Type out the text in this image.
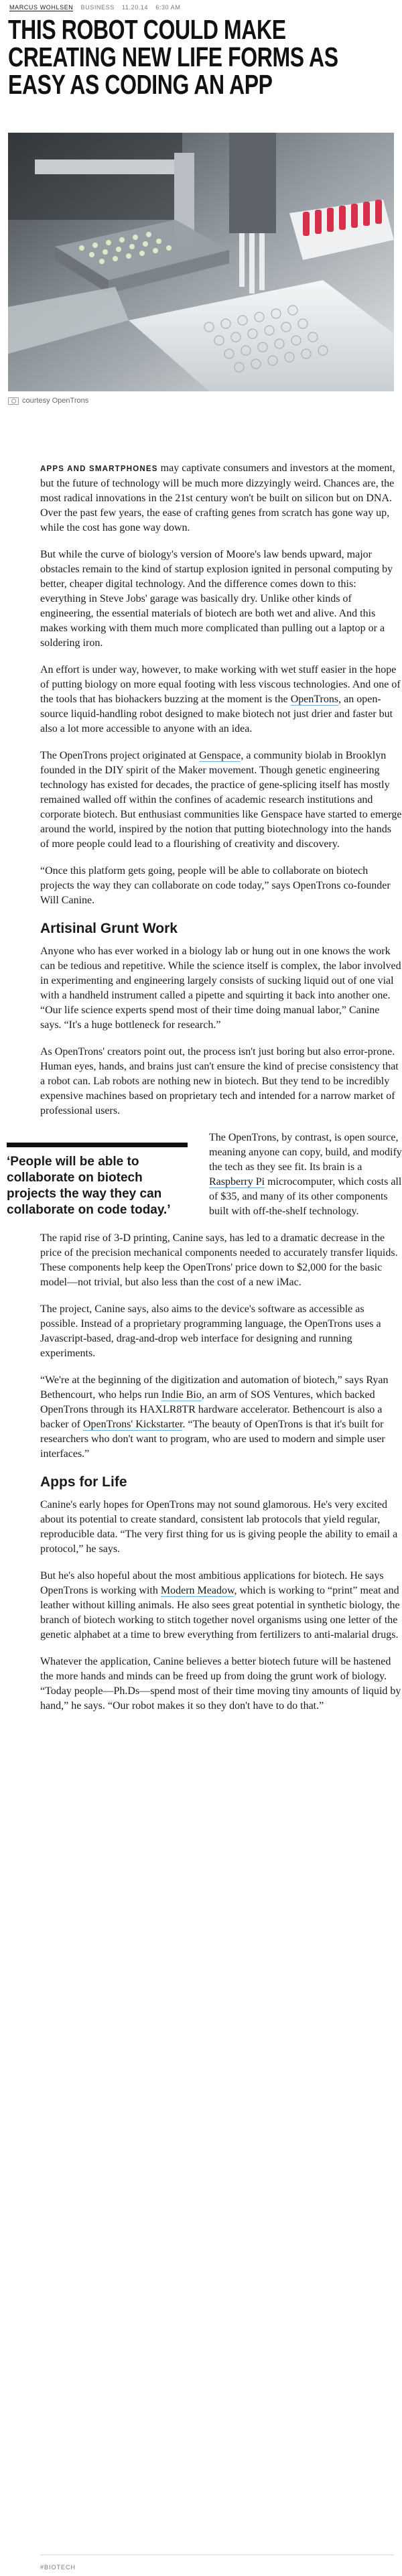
MARCUS WOHLSEN BUSINESS 11.20.14 6:30 AM
THIS ROBOT COULD MAKE CREATING NEW LIFE FORMS AS EASY AS CODING AN APP
courtesy OpenTrons

APPS AND SMARTPHONES may captivate consumers and investors at the moment, but the future of technology will be much more dizzyingly weird. Chances are, the most radical innovations in the 21st century won't be built on silicon but on DNA. Over the past few years, the ease of crafting genes from scratch has gone way up, while the cost has gone way down.

But while the curve of biology's version of Moore's law bends upward, major obstacles remain to the kind of startup explosion ignited in personal computing by better, cheaper digital technology. And the difference comes down to this: everything in Steve Jobs' garage was basically dry. Unlike other kinds of engineering, the essential materials of biotech are both wet and alive. And this makes working with them much more complicated than pulling out a laptop or a soldering iron.

An effort is under way, however, to make working with wet stuff easier in the hope of putting biology on more equal footing with less viscous technologies. And one of the tools that has biohackers buzzing at the moment is the OpenTrons, an open-source liquid-handling robot designed to make biotech not just drier and faster but also a lot more accessible to anyone with an idea.

The OpenTrons project originated at Genspace, a community biolab in Brooklyn founded in the DIY spirit of the Maker movement. Though genetic engineering technology has existed for decades, the practice of gene-splicing itself has mostly remained walled off within the confines of academic research institutions and corporate biotech. But enthusiast communities like Genspace have started to emerge around the world, inspired by the notion that putting biotechnology into the hands of more people could lead to a flourishing of creativity and discovery.

“Once this platform gets going, people will be able to collaborate on biotech projects the way they can collaborate on code today,” says OpenTrons co-founder Will Canine.

Artisinal Grunt Work

Anyone who has ever worked in a biology lab or hung out in one knows the work can be tedious and repetitive. While the science itself is complex, the labor involved in experimenting and engineering largely consists of sucking liquid out of one vial with a handheld instrument called a pipette and squirting it back into another one. “Our life science experts spend most of their time doing manual labor,” Canine says. “It's a huge bottleneck for research.”

As OpenTrons' creators point out, the process isn't just boring but also error-prone. Human eyes, hands, and brains just can't ensure the kind of precise consistency that a robot can. Lab robots are nothing new in biotech. But they tend to be incredibly expensive machines based on proprietary tech and intended for a narrow market of professional users.

‘People will be able to collaborate on biotech projects the way they can collaborate on code today.’

The OpenTrons, by contrast, is open source, meaning anyone can copy, build, and modify the tech as they see fit. Its brain is a Raspberry Pi microcomputer, which costs all of $35, and many of its other components built with off-the-shelf technology.

The rapid rise of 3-D printing, Canine says, has led to a dramatic decrease in the price of the precision mechanical components needed to accurately transfer liquids. These components help keep the OpenTrons' price down to $2,000 for the basic model—not trivial, but also less than the cost of a new iMac.

The project, Canine says, also aims to the device's software as accessible as possible. Instead of a proprietary programming language, the OpenTrons uses a Javascript-based, drag-and-drop web interface for designing and running experiments.

“We're at the beginning of the digitization and automation of biotech,” says Ryan Bethencourt, who helps run Indie Bio, an arm of SOS Ventures, which backed OpenTrons through its HAXLR8TR hardware accelerator. Bethencourt is also a backer of OpenTrons' Kickstarter. “The beauty of OpenTrons is that it's built for researchers who don't want to program, who are used to modern and simple user interfaces.”

Apps for Life

Canine's early hopes for OpenTrons may not sound glamorous. He's very excited about its potential to create standard, consistent lab protocols that yield regular, reproducible data. “The very first thing for us is giving people the ability to email a protocol,” he says.

But he's also hopeful about the most ambitious applications for biotech. He says OpenTrons is working with Modern Meadow, which is working to “print” meat and leather without killing animals. He also sees great potential in synthetic biology, the branch of biotech working to stitch together novel organisms using one letter of the genetic alphabet at a time to brew everything from fertilizers to anti-malarial drugs.

Whatever the application, Canine believes a better biotech future will be hastened the more hands and minds can be freed up from doing the grunt work of biology. “Today people—Ph.Ds—spend most of their time moving tiny amounts of liquid by hand,” he says. “Our robot makes it so they don't have to do that.”

#BIOTECH
